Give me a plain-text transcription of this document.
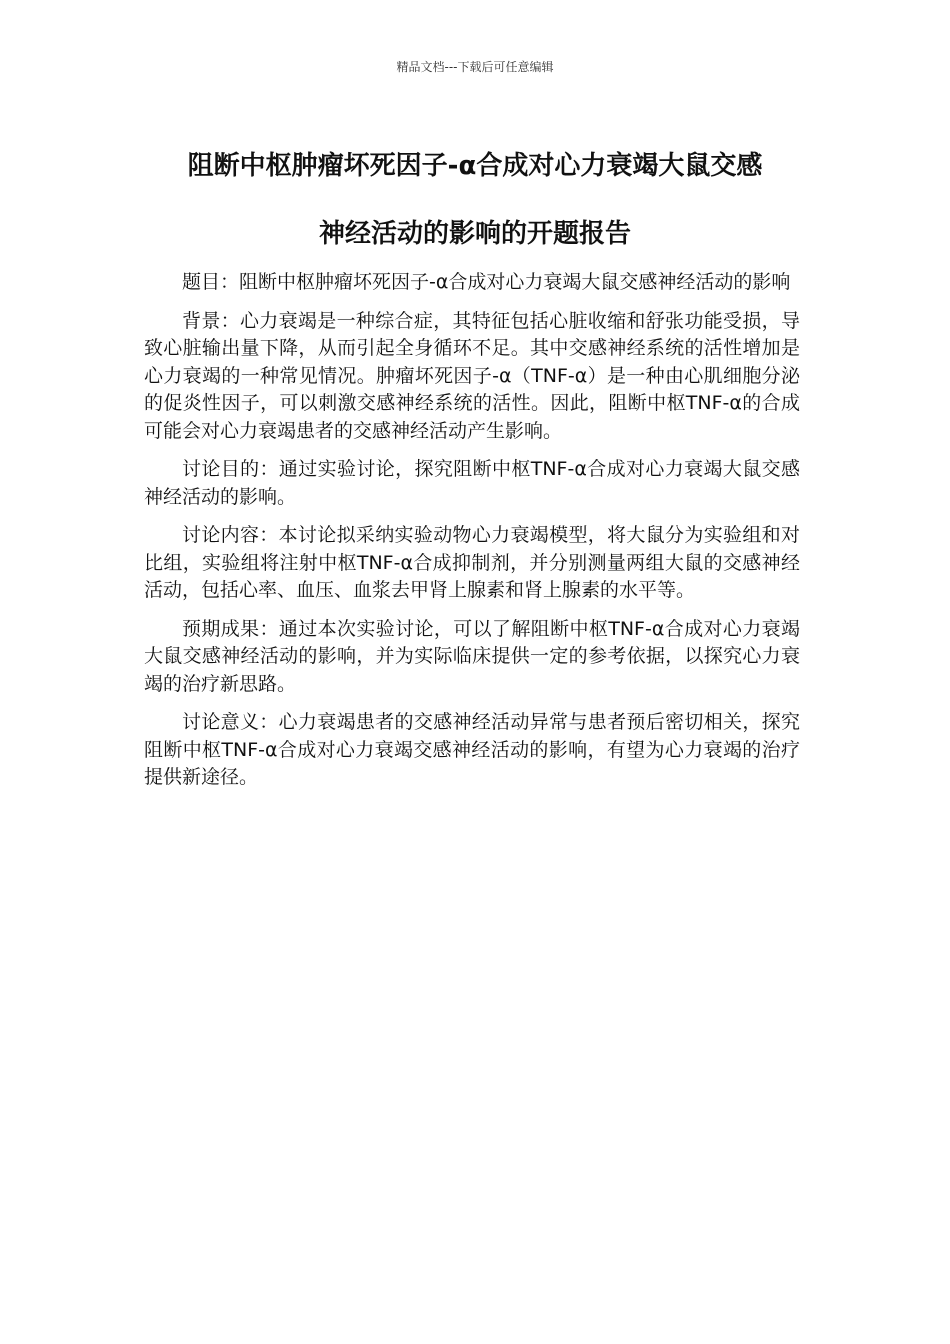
精品文档---下载后可任意编辑
阻断中枢肿瘤坏死因子-α合成对心力衰竭大鼠交感
神经活动的影响的开题报告

题目：阻断中枢肿瘤坏死因子-α合成对心力衰竭大鼠交感神经活动的影响

背景：心力衰竭是一种综合症，其特征包括心脏收缩和舒张功能受损，导致心脏输出量下降，从而引起全身循环不足。其中交感神经系统的活性增加是心力衰竭的一种常见情况。肿瘤坏死因子-α（TNF-α）是一种由心肌细胞分泌的促炎性因子，可以刺激交感神经系统的活性。因此，阻断中枢TNF-α的合成可能会对心力衰竭患者的交感神经活动产生影响。

讨论目的：通过实验讨论，探究阻断中枢TNF-α合成对心力衰竭大鼠交感神经活动的影响。

讨论内容：本讨论拟采纳实验动物心力衰竭模型，将大鼠分为实验组和对比组，实验组将注射中枢TNF-α合成抑制剂，并分别测量两组大鼠的交感神经活动，包括心率、血压、血浆去甲肾上腺素和肾上腺素的水平等。

预期成果：通过本次实验讨论，可以了解阻断中枢TNF-α合成对心力衰竭大鼠交感神经活动的影响，并为实际临床提供一定的参考依据，以探究心力衰竭的治疗新思路。

讨论意义：心力衰竭患者的交感神经活动异常与患者预后密切相关，探究阻断中枢TNF-α合成对心力衰竭交感神经活动的影响，有望为心力衰竭的治疗提供新途径。
